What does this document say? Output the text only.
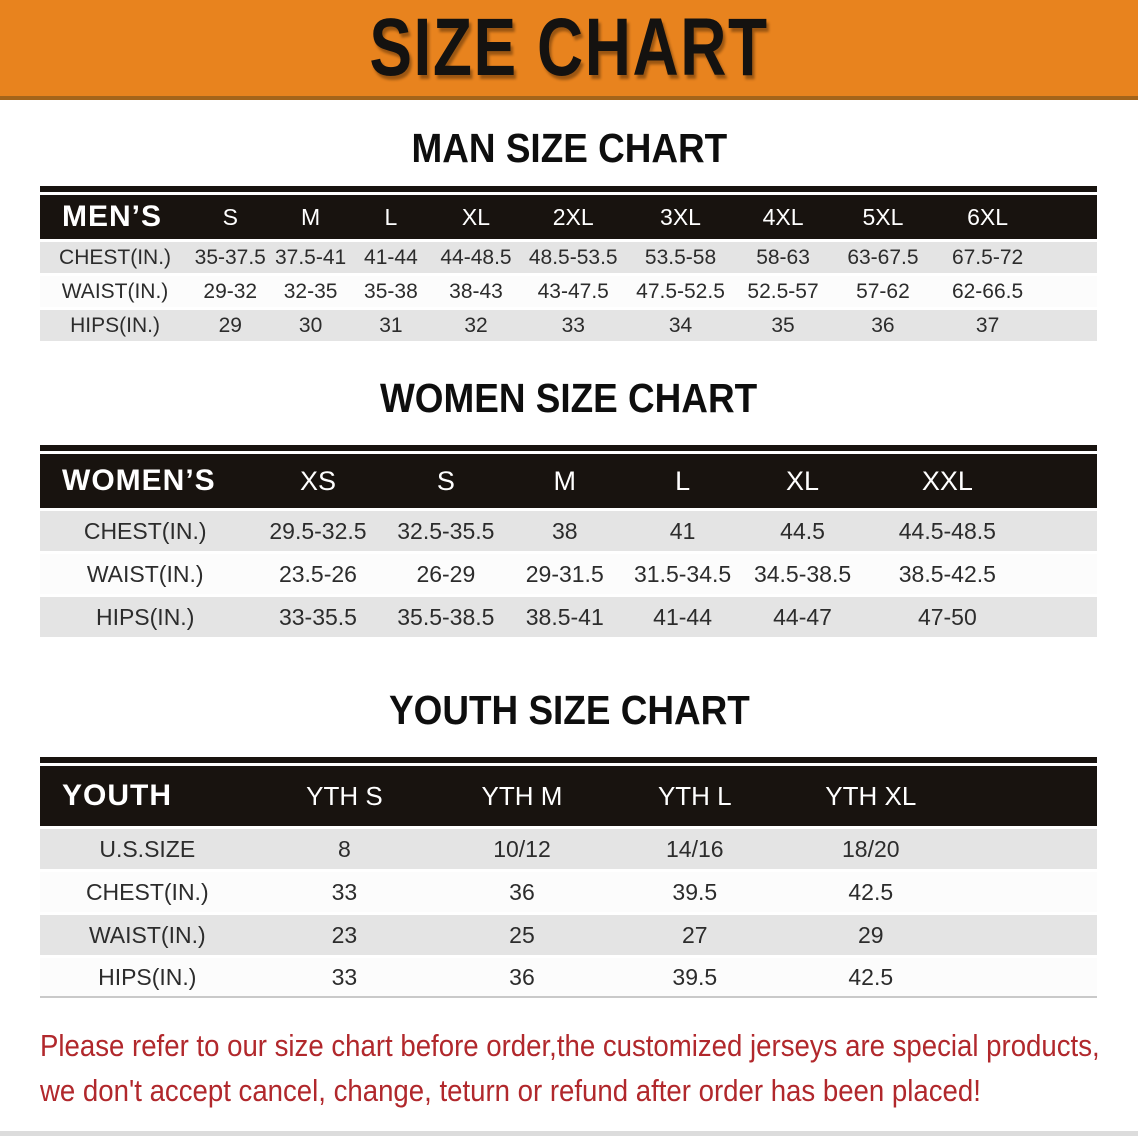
SIZE CHART
MAN SIZE CHART

MEN’S	S	M	L	XL	2XL	3XL	4XL	5XL	6XL	
CHEST(IN.)	35-37.5	37.5-41	41-44	44-48.5	48.5-53.5	53.5-58	58-63	63-67.5	67.5-72	
WAIST(IN.)	29-32	32-35	35-38	38-43	43-47.5	47.5-52.5	52.5-57	57-62	62-66.5	
HIPS(IN.)	29	30	31	32	33	34	35	36	37	
WOMEN SIZE CHART

WOMEN’S	XS	S	M	L	XL	XXL	
CHEST(IN.)	29.5-32.5	32.5-35.5	38	41	44.5	44.5-48.5	
WAIST(IN.)	23.5-26	26-29	29-31.5	31.5-34.5	34.5-38.5	38.5-42.5	
HIPS(IN.)	33-35.5	35.5-38.5	38.5-41	41-44	44-47	47-50	
YOUTH SIZE CHART

YOUTH	YTH S	YTH M	YTH L	YTH XL	
U.S.SIZE	8	10/12	14/16	18/20	
CHEST(IN.)	33	36	39.5	42.5	
WAIST(IN.)	23	25	27	29	
HIPS(IN.)	33	36	39.5	42.5	

Please refer to our size chart before order,the customized jerseys are special products,
we don't accept cancel, change, teturn or refund after order has been placed!
